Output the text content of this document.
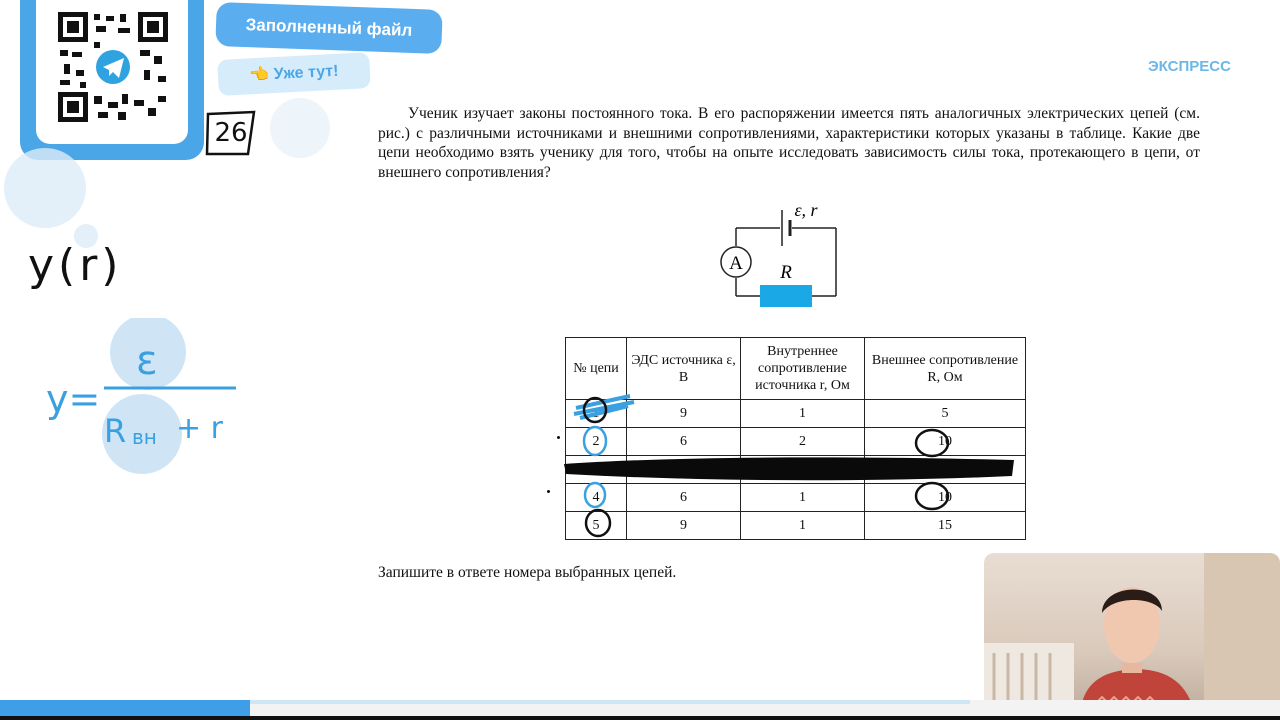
Заполненный файл
👈 Уже тут!
26
ЭКСПРЕСС
Ученик изучает законы постоянного тока. В его распоряжении имеется пять аналогичных электрических цепей (см. рис.) с различными источниками и внешними сопротивлениями, характеристики которых указаны в таблице. Какие две цепи необходимо взять ученику для того, чтобы на опыте исследовать зависимость силы тока, протекающего в цепи, от внешнего сопротивления?
A R
ε, r
№ цепи	ЭДС источника ε, В	Внутреннее сопротивление источника r, Ом	Внешнее сопротивление R, Ом
1	9	1	5
2	6	2	10

4	6	1	10
5	9	1	15
Запишите в ответе номера выбранных цепей.
y(r)
y=
ε
R вн + r
